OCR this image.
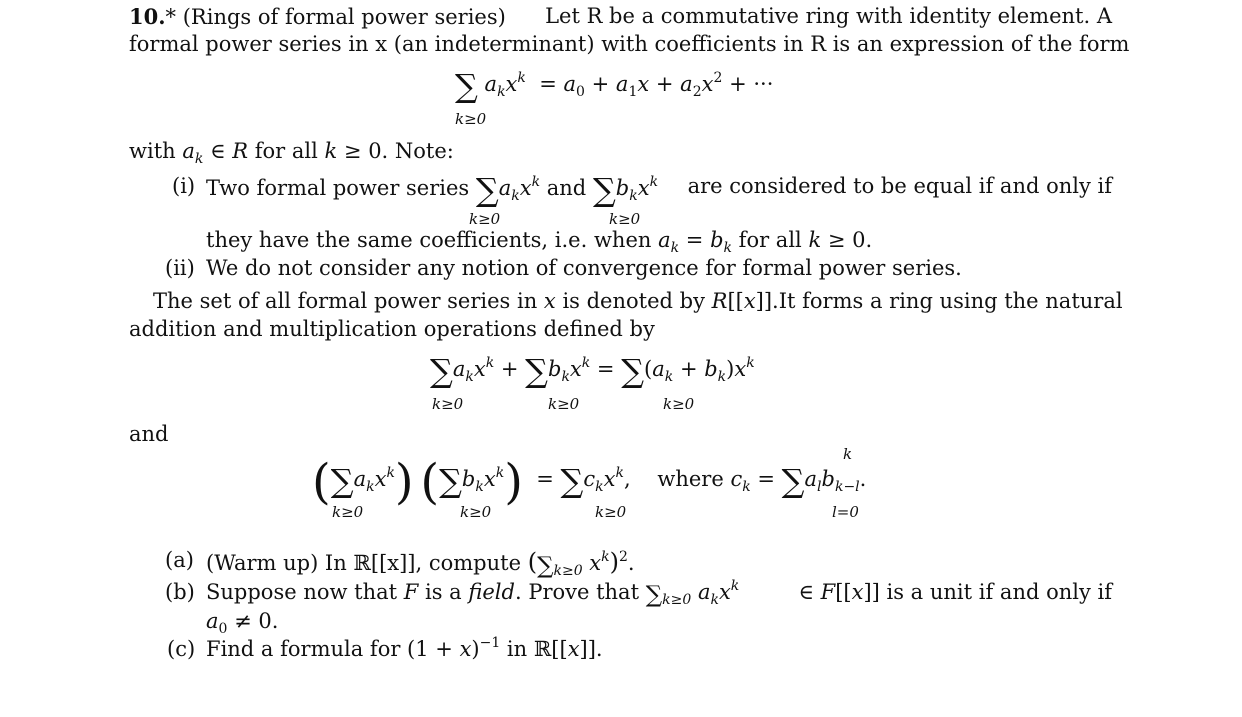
10.* (Rings of formal power series) Let R be a commutative ring with identity element. A
formal power series in x (an indeterminant) with coefficients in R is an expression of the form
∑ $a_kx^k = a_0 + a_1x + a_2x^2$ + ···
k≥0
with $a_k$ ∈ R for all k ≥ 0. Note:
(i) Two formal power series $\sum a_kx^k$ and $\sum b_kx^k$ are considered to be equal if and only if
k≥0	k≥0
they have the same coefficients, i.e. when $a_k = b_k$ for all k ≥ 0.
(ii) We do not consider any notion of convergence for formal power series.
The set of all formal power series in x is denoted by R[[x]]. It forms a ring using the natural
addition and multiplication operations defined by
$\sum a_kx^k + \sum b_kx^k = \sum(a_k + b_k)x^k$
k≥0	k≥0	k≥0
and
$(\sum a_kx^k) (\sum b_kx^k) = \sum c_kx^k$,    where $c_k = \sum a_lb_{k-l}$.
k≥0	k≥0	k≥0
k
l=0
(a) (Warm up) In ℝ[[x]], compute ($\sum_{k\ge 0}$ $x^k)^2$.
(b) Suppose now that F is a field. Prove that $\sum_{k\ge 0}$ $a_kx^k$	∈ F[[x]] is a unit if and only if
$a_0 \ne 0$.
(c) Find a formula for $(1 + x)^{-1}$ in ℝ[[x]].
